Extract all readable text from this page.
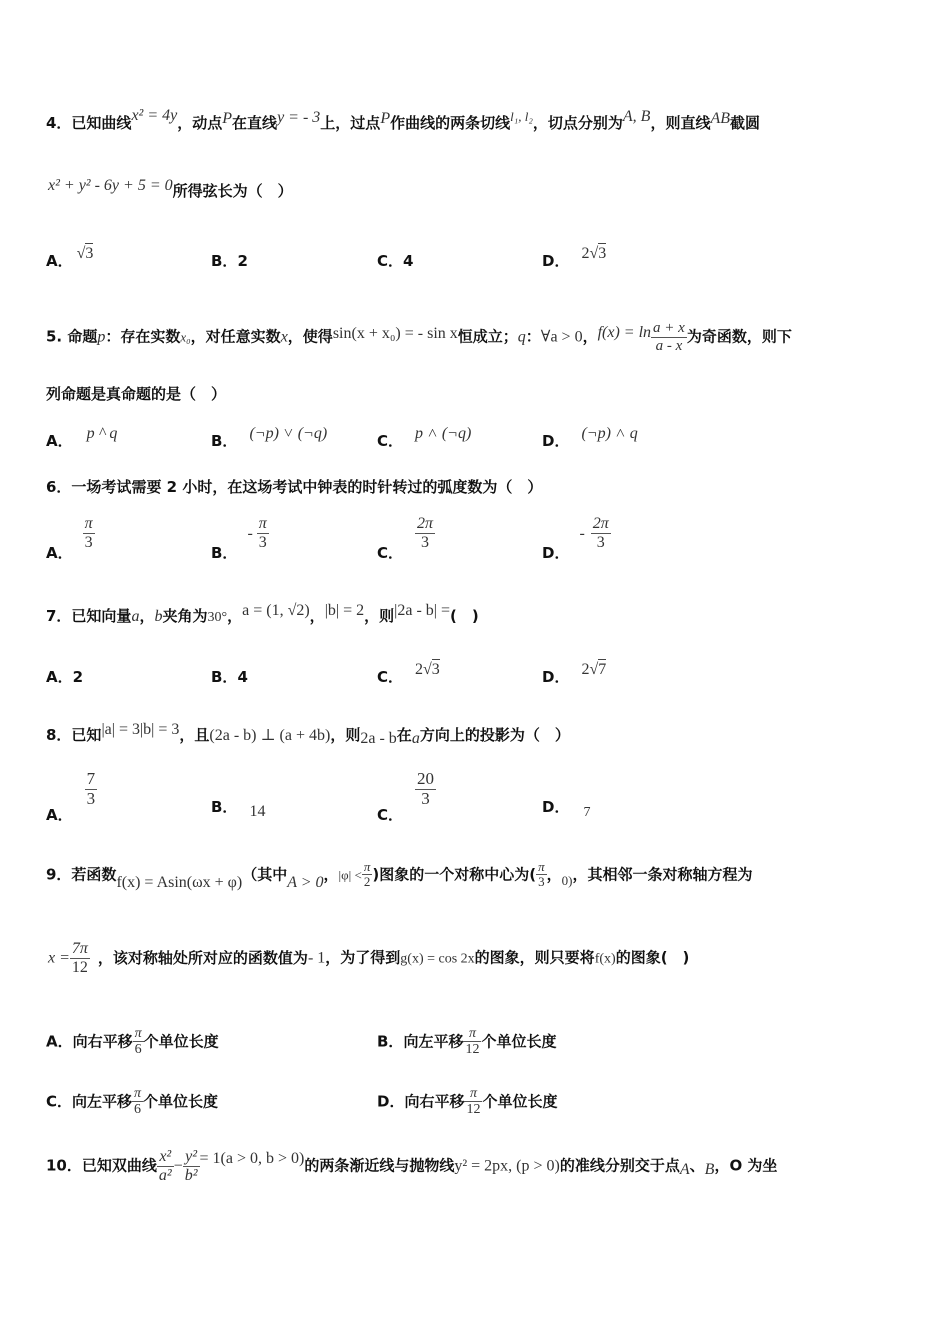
4．已知曲线x² = 4y，动点P在直线y = - 3上，过点P作曲线的两条切线l₁, l₂，切点分别为A, B，则直线AB截圆
x² + y² - 6y + 5 = 0所得弦长为（　）
A． √3	B．2	C．4	D． 2√3
5. 命题p：存在实数x₀，对任意实数x，使得sin(x + x₀) = - sin x恒成立；q：∀a > 0，$f(x) = \ln \frac{a + x}{a - x}$ 为奇函数，则下
列命题是真命题的是（　）
A． p ^ q	B． (¬p) ˅ (¬q)	C． p ˄ (¬q)	D． (¬p) ˄ q
6．一场考试需要 2 小时，在这场考试中钟表的时针转过的弧度数为（　）
A．
$\frac{\pi}{3}$
B．- $\frac{\pi}{3}$
C．
$\frac{2\pi}{3}$
D．- $\frac{2\pi}{3}$
7．已知向量a，b夹角为30°，a = (1, √2)，|b| = 2，则|2a - b| =(　)
A．2	B．4	C． 2√3	D． 2√7
8．已知|a| = 3|b| = 3，且(2a - b) ⊥ (a + 4b)，则2a - b在a方向上的投影为（　）
A．
$\frac{7}{3}$	B． 14	C．
$\frac{20}{3}$	D． 7
9．若函数f(x) = Asin(ωx + φ)（其中A > 0，$|\varphi| < \frac{\pi}{2}$ )图象的一个对称中心为( $\frac{\pi}{3}$ ，0)，其相邻一条对称轴方程为
$x = \frac{7\pi}{12}$ ，该对称轴处所对应的函数值为- 1，为了得到g(x) = cos 2x的图象，则只要将f(x)的图象(　)
A．向右平移 $\frac{\pi}{6}$ 个单位长度	B．向左平移 $\frac{\pi}{12}$ 个单位长度
C．向左平移 $\frac{\pi}{6}$ 个单位长度	D．向右平移 $\frac{\pi}{12}$ 个单位长度
10．已知双曲线 $\frac{\text{x²}}{\text{a²}} - \frac{\text{y²}}{\text{b²}} = 1(a > 0$, b > 0)的两条渐近线与抛物线y² = 2px, (p > 0)的准线分别交于点A、B，O 为坐
